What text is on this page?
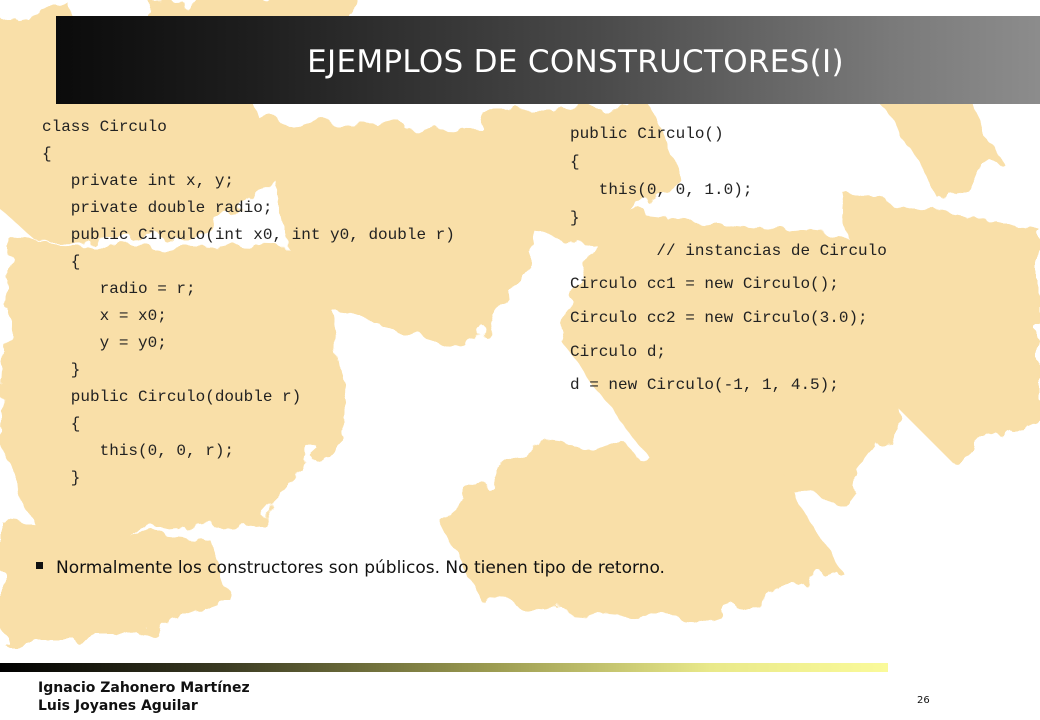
EJEMPLOS DE CONSTRUCTORES(I)

class Circulo

{

private int x, y;

private double radio;

public Circulo(int x0, int y0, double r)

{

radio = r;

x = x0;

y = y0;

}

public Circulo(double r)

{

this(0, 0, r);

}

public Circulo()

{

this(0, 0, 1.0);

}

// instancias de Circulo

Circulo cc1 = new Circulo();

Circulo cc2 = new Circulo(3.0);

Circulo d;

d = new Circulo(-1, 1, 4.5);

Normalmente los constructores son públicos. No tienen tipo de retorno.
Ignacio Zahonero Martínez
Luis Joyanes Aguilar	26
